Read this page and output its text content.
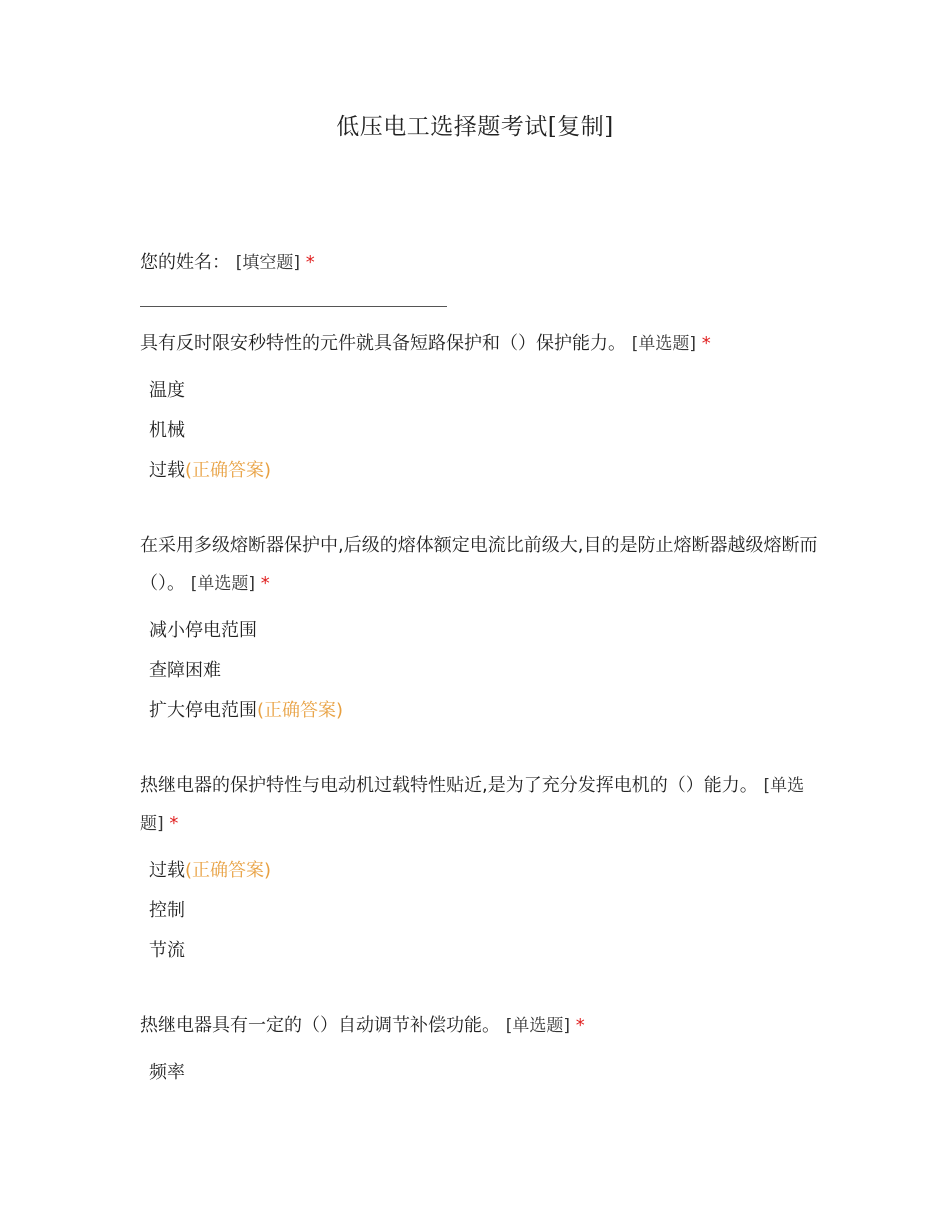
低压电工选择题考试[复制]
您的姓名： [填空题] *
具有反时限安秒特性的元件就具备短路保护和（）保护能力。 [单选题] *
温度
机械
过载(正确答案)
在采用多级熔断器保护中,后级的熔体额定电流比前级大,目的是防止熔断器越级熔断而（）。 [单选题] *
减小停电范围
查障困难
扩大停电范围(正确答案)
热继电器的保护特性与电动机过载特性贴近,是为了充分发挥电机的（）能力。 [单选题] *
过载(正确答案)
控制
节流
热继电器具有一定的（）自动调节补偿功能。 [单选题] *
频率
